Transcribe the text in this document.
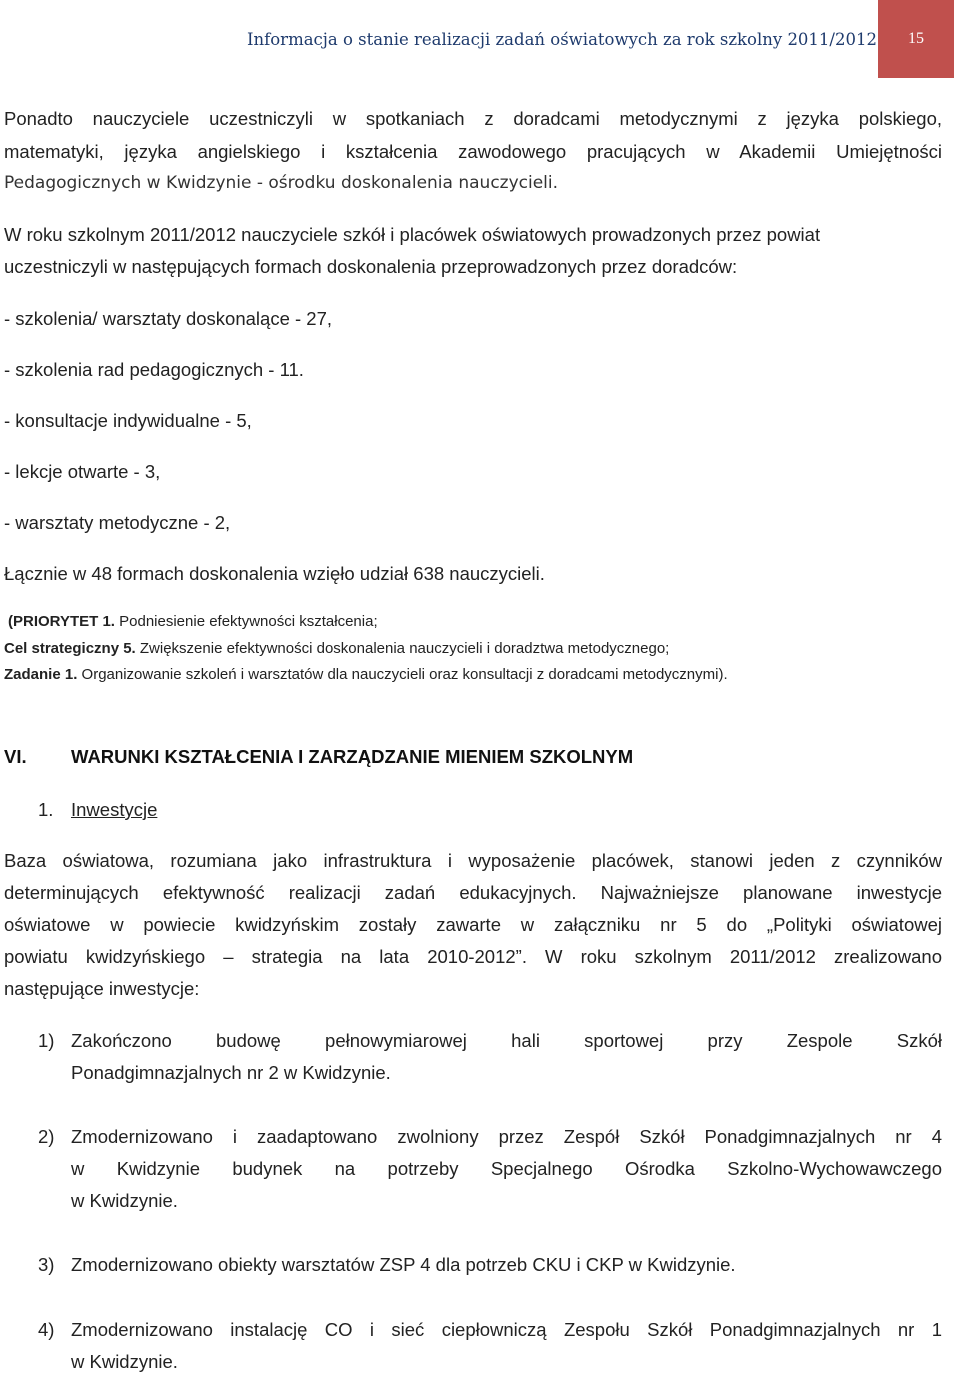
Informacja o stanie realizacji zadań oświatowych za rok szkolny 2011/2012	15
Ponadto nauczyciele uczestniczyli w spotkaniach z doradcami metodycznymi z języka polskiego,
matematyki, języka angielskiego i kształcenia zawodowego pracujących w Akademii Umiejętności
Pedagogicznych w Kwidzynie - ośrodku doskonalenia nauczycieli.
W roku szkolnym 2011/2012 nauczyciele szkół i placówek oświatowych prowadzonych przez powiat
uczestniczyli w następujących formach doskonalenia przeprowadzonych przez doradców:
- szkolenia/ warsztaty doskonalące - 27,
- szkolenia rad pedagogicznych - 11.
- konsultacje indywidualne - 5,
- lekcje otwarte - 3,
- warsztaty metodyczne - 2,
Łącznie w 48 formach doskonalenia wzięło udział 638 nauczycieli.
(PRIORYTET 1. Podniesienie efektywności kształcenia;
Cel strategiczny 5. Zwiększenie efektywności doskonalenia nauczycieli i doradztwa metodycznego;
Zadanie 1. Organizowanie szkoleń i warsztatów dla nauczycieli oraz konsultacji z doradcami metodycznymi).
VI. WARUNKI KSZTAŁCENIA I ZARZĄDZANIE MIENIEM SZKOLNYM
1. Inwestycje
Baza oświatowa, rozumiana jako infrastruktura i wyposażenie placówek, stanowi jeden z czynników
determinujących efektywność realizacji zadań edukacyjnych. Najważniejsze planowane inwestycje
oświatowe w powiecie kwidzyńskim zostały zawarte w załączniku nr 5 do „Polityki oświatowej
powiatu kwidzyńskiego – strategia na lata 2010-2012”. W roku szkolnym 2011/2012 zrealizowano
następujące inwestycje:
1) Zakończono budowę pełnowymiarowej hali sportowej przy Zespole Szkół
Ponadgimnazjalnych nr 2 w Kwidzynie.
2) Zmodernizowano i zaadaptowano zwolniony przez Zespół Szkół Ponadgimnazjalnych nr 4
w Kwidzynie budynek na potrzeby Specjalnego Ośrodka Szkolno-Wychowawczego
w Kwidzynie.
3) Zmodernizowano obiekty warsztatów ZSP 4 dla potrzeb CKU i CKP w Kwidzynie.
4) Zmodernizowano instalację CO i sieć ciepłowniczą Zespołu Szkół Ponadgimnazjalnych nr 1
w Kwidzynie.
